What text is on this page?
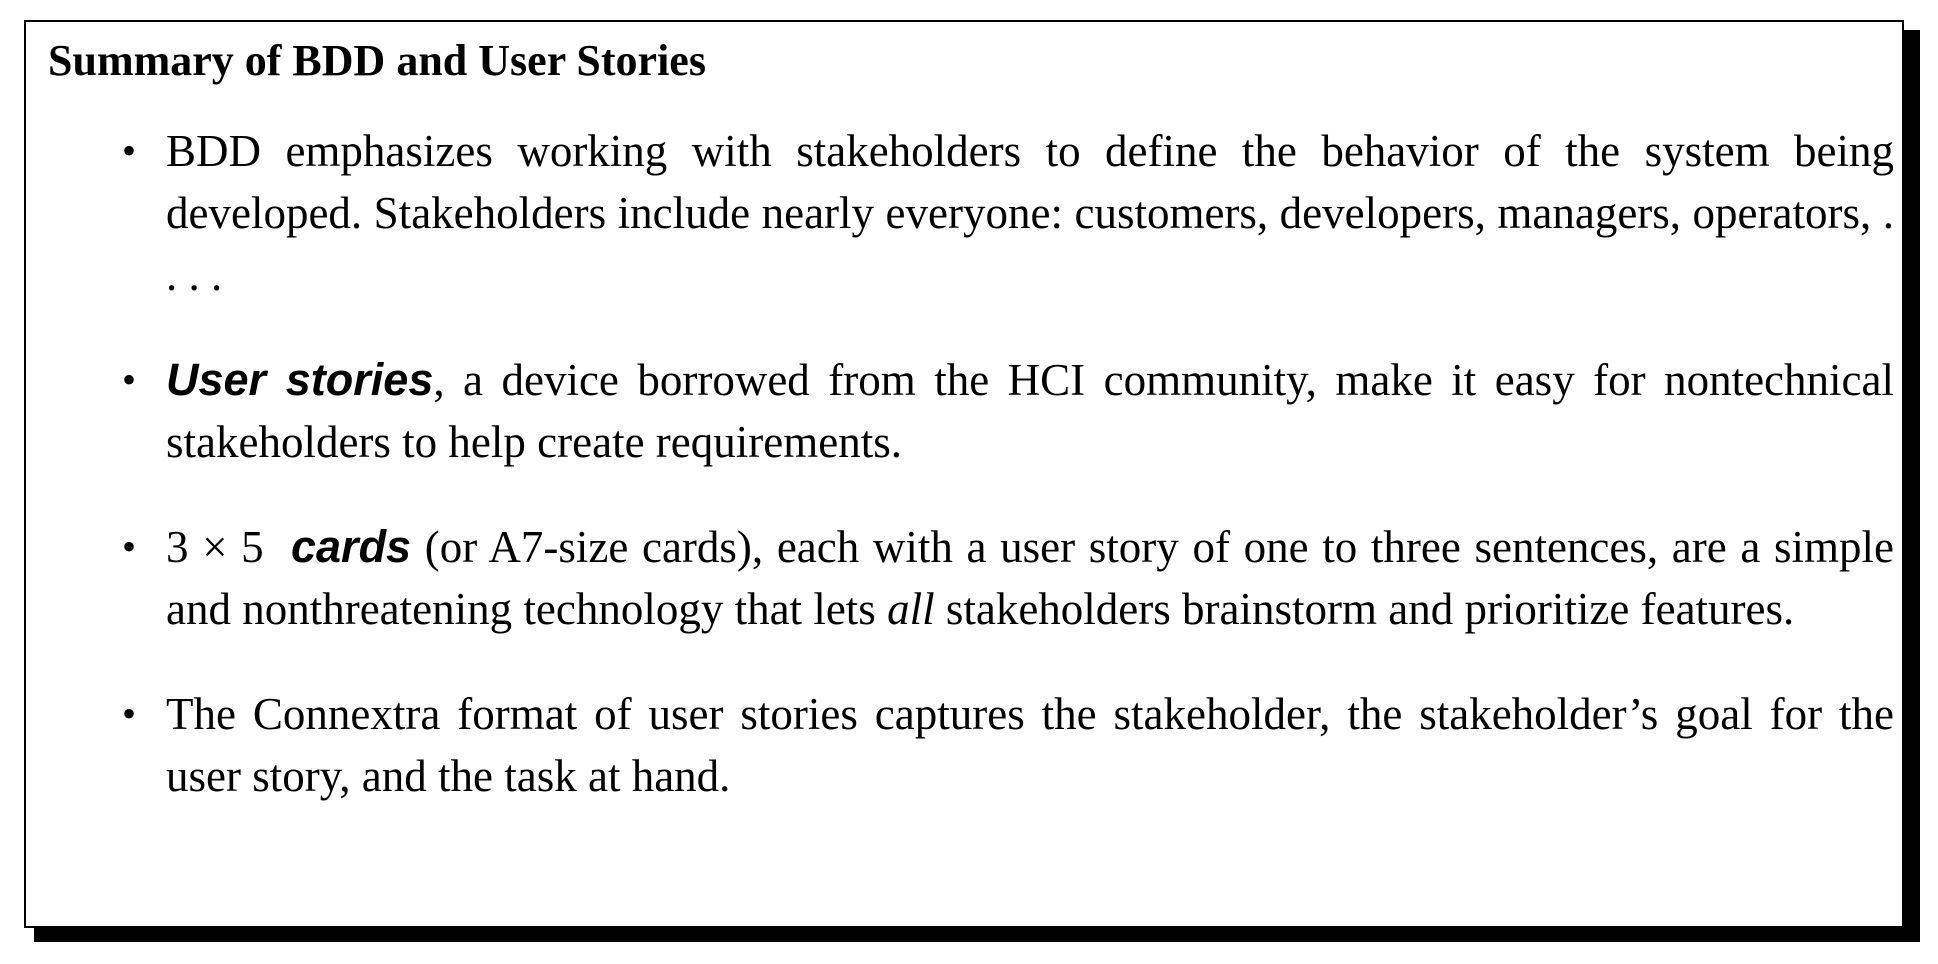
Summary of BDD and User Stories
• BDD emphasizes working with stakeholders to define the behavior of the system being developed. Stakeholders include nearly everyone: customers, developers, managers, operators, . . . .
• User stories, a device borrowed from the HCI community, make it easy for nontechnical stakeholders to help create requirements.
• 3 × 5 cards (or A7-size cards), each with a user story of one to three sentences, are a simple and nonthreatening technology that lets all stakeholders brainstorm and prioritize features.
• The Connextra format of user stories captures the stakeholder, the stakeholder’s goal for the user story, and the task at hand.
